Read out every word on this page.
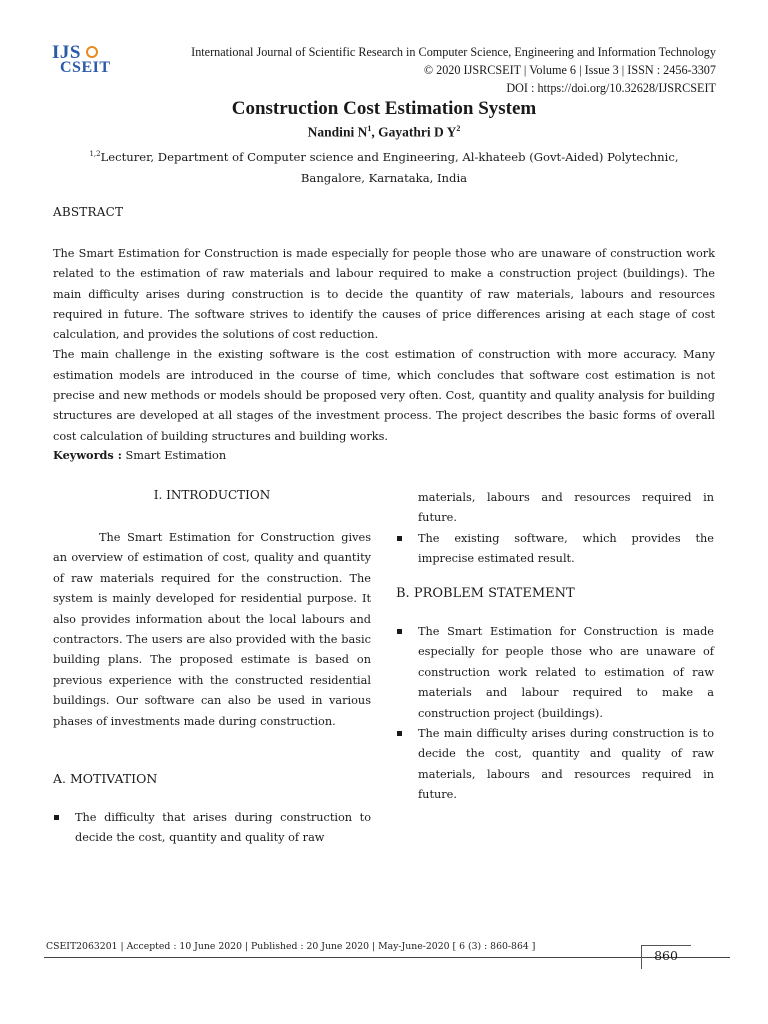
IJS
CSEIT
International Journal of Scientific Research in Computer Science, Engineering and Information Technology
© 2020 IJSRCSEIT | Volume 6 | Issue 3 | ISSN : 2456-3307
DOI : https://doi.org/10.32628/IJSRCSEIT
Construction Cost Estimation System
Nandini $N^1$, Gayathri D $Y^2$
$^{1,2}$Lecturer, Department of Computer science and Engineering, Al-khateeb (Govt-Aided) Polytechnic,
Bangalore, Karnataka, India
ABSTRACT

The Smart Estimation for Construction is made especially for people those who are unaware of construction work related to the estimation of raw materials and labour required to make a construction project (buildings). The main difficulty arises during construction is to decide the quantity of raw materials, labours and resources required in future. The software strives to identify the causes of price differences arising at each stage of cost calculation, and provides the solutions of cost reduction.

The main challenge in the existing software is the cost estimation of construction with more accuracy. Many estimation models are introduced in the course of time, which concludes that software cost estimation is not precise and new methods or models should be proposed very often. Cost, quantity and quality analysis for building structures are developed at all stages of the investment process. The project describes the basic forms of overall cost calculation of building structures and building works.

Keywords : Smart Estimation
I. INTRODUCTION

The Smart Estimation for Construction gives an overview of estimation of cost, quality and quantity of raw materials required for the construction. The system is mainly developed for residential purpose. It also provides information about the local labours and contractors. The users are also provided with the basic building plans. The proposed estimate is based on previous experience with the constructed residential buildings. Our software can also be used in various phases of investments made during construction.

A. MOTIVATION
The difficulty that arises during construction to decide the cost, quantity and quality of raw

materials, labours and resources required in future.

The existing software, which provides the imprecise estimated result.
B. PROBLEM STATEMENT
The Smart Estimation for Construction is made especially for people those who are unaware of construction work related to estimation of raw materials and labour required to make a construction project (buildings).
The main difficulty arises during construction is to decide the cost, quantity and quality of raw materials, labours and resources required in future.
CSEIT2063201 | Accepted : 10 June 2020 | Published : 20 June 2020 | May-June-2020 [ 6 (3) : 860-864 ]
860
